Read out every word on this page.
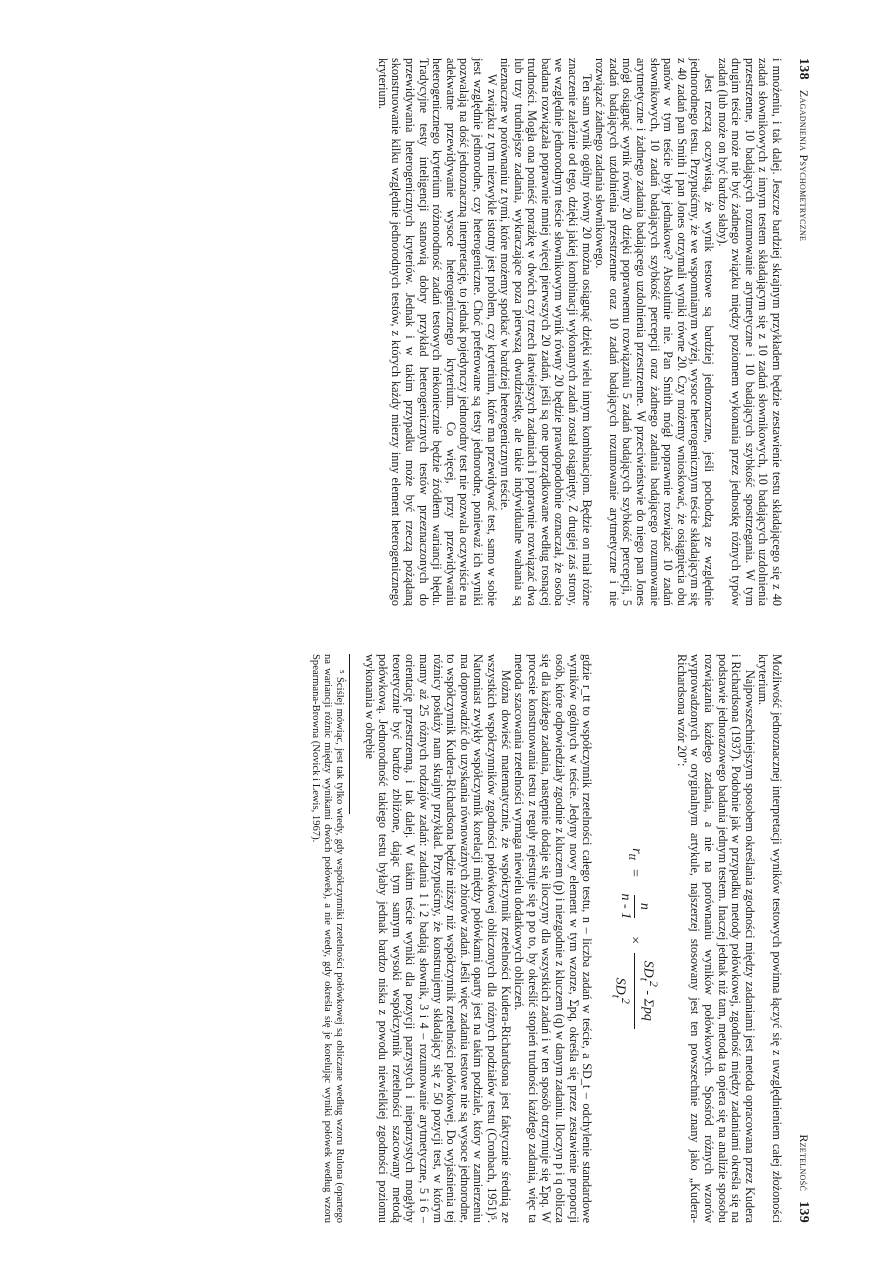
138
Zagadnienia Psychometryczne

i mnożeniu, i tak dalej. Jeszcze bardziej skrajnym przykładem będzie zestawienie testu składającego się z 40 zadań słownikowych z innym testem składającym się z 10 zadań słownikowych, 10 badających uzdolnienia przestrzenne, 10 badających rozumowanie arytmetyczne i 10 badających szybkość spostrzegania. W tym drugim teście może nie być żadnego związku między poziomem wykonania przez jednostkę różnych typów zadań (lub może on być bardzo słaby).

Jest rzeczą oczywistą, że wynik testowe są bardziej jednoznaczne, jeśli pochodzą ze względnie jednorodnego testu. Przypuśćmy, że we wspomnianym wyżej, wysoce heterogenicznym teście składającym się z 40 zadań pan Smith i pan Jones otrzymali wyniki równe 20. Czy możemy wnioskować, że osiągnięcia obu panów w tym teście były jednakowe? Absolutnie nie. Pan Smith mógł poprawnie rozwiązać 10 zadań słownikowych, 10 zadań badających szybkość percepcji oraz żadnego zadania badającego rozumowanie arytmetyczne i żadnego zadania badającego uzdolnienia przestrzenne. W przeciwieństwie do niego pan Jones mógł osiągnąć wynik równy 20 dzięki poprawnemu rozwiązaniu 5 zadań badających szybkość percepcji, 5 zadań badających uzdolnienia przestrzenne oraz 10 zadań badających rozumowanie arytmetyczne i nie rozwiązać żadnego zadania słownikowego.

Ten sam wynik ogólny równy 20 można osiągnąć dzięki wielu innym kombinacjom. Będzie on miał różne znaczenie zależnie od tego, dzięki jakiej kombinacji wykonanych zadań został osiągnięty. Z drugiej zaś strony, we względnie jednorodnym teście słownikowym wynik równy 20 będzie prawdopodobnie oznaczał, że osoba badana rozwiązała poprawnie mniej więcej pierwszych 20 zadań, jeśli są one uporządkowane według rosnącej trudności. Mogła ona ponieść porażkę w dwóch czy trzech łatwiejszych zadaniach i poprawnie rozwiązać dwa lub trzy trudniejsze zadania, wykraczające poza pierwszą dwudziestkę, ale takie indywidualne wahania są nieznaczne w porównaniu z tymi, które możemy spotkać w bardziej heterogenicznym teście.

W związku z tym niezwykle istotny jest problem, czy kryterium, które ma przewidywać test, samo w sobie jest względnie jednorodne, czy heterogeniczne. Choć preferowane są testy jednorodne, ponieważ ich wyniki pozwalają na dość jednoznaczną interpretację, to jednak pojedynczy jednorodny test nie pozwala oczywiście na adekwatne przewidywanie wysoce heterogenicznego kryterium. Co więcej, przy przewidywaniu heterogenicznego kryterium różnorodność zadań testowych niekoniecznie będzie źródłem wariancji błędu. Tradycyjne testy inteligencji stanowią dobry przykład heterogenicznych testów przeznaczonych do przewidywania heterogenicznych kryteriów. Jednak i w takim przypadku może być rzeczą pożądaną skonstruowanie kilku względnie jednorodnych testów, z których każdy mierzy inny element heterogenicznego kryterium.

Rzetelność
139

Możliwość jednoznacznej interpretacji wyników testowych powinna łączyć się z uwzględnieniem całej złożoności kryterium.

Najpowszechniejszym sposobem określania zgodności między zadaniami jest metoda opracowana przez Kudera i Richardsona (1937). Podobnie jak w przypadku metody połówkowej, zgodność między zadaniami określa się na podstawie jednorazowego badania jednym testem. Inaczej jednak niż tam, metoda ta opiera się na analizie sposobu rozwiązania każdego zadania, a nie na porównaniu wyników połówkowych. Spośród różnych wzorów wyprowadzonych w oryginalnym artykule, najszerzej stosowany jest ten powszechnie znany jako „Kudera-Richardsona wzór 20”:

$r_{tt}$
=
n
n - 1
×
$SD_t^2$ - Σpq
$SD_t^2$

gdzie r_tt to współczynnik rzetelności całego testu, n – liczba zadań w teście, a SD_t – odchylenie standardowe wyników ogólnych w teście. Jedyny nowy element w tym wzorze, Σpq, określa się przez zestawienie proporcji osób, które odpowiedziały zgodnie z kluczem (p) i niezgodnie z kluczem (q) w danym zadaniu. Iloczyn p i q oblicza się dla każdego zadania, następnie dodaje się iloczyny dla wszystkich zadań i w ten sposób otrzymuje się Σpq. W procesie konstruowania testu z reguły rejestruje się p po to, by określić stopień trudności każdego zadania, więc ta metoda szacowania rzetelności wymaga niewielu dodatkowych obliczeń.

Można dowieść matematycznie, że współczynnik rzetelności Kudera-Richardsona jest faktycznie średnią ze wszystkich współczynników zgodności połówkowej obliczonych dla różnych podziałów testu (Cronbach, 1951)⁵. Natomiast zwykły współczynnik korelacji między połówkami oparty jest na takim podziale, który w zamierzeniu ma doprowadzić do uzyskania równoważnych zbiorów zadań. Jeśli więc zadania testowe nie są wysoce jednorodne, to współczynnik Kudera-Richardsona będzie niższy niż współczynnik rzetelności połówkowej. Do wyjaśnienia tej różnicy posłuży nam skrajny przykład. Przypuśćmy, że konstruujemy składający się z 50 pozycji test, w którym mamy aż 25 różnych rodzajów zadań: zadania 1 i 2 badają słownik, 3 i 4 – rozumowanie arytmetyczne, 5 i 6 – orientację przestrzenną, i tak dalej. W takim teście wyniki dla pozycji parzystych i nieparzystych mogłyby teoretycznie być bardzo zbliżone, dając tym samym wysoki współczynnik rzetelności szacowany metodą połówkową. Jednorodność takiego testu byłaby jednak bardzo niska z powodu niewielkiej zgodności poziomu wykonania w obrębie

⁵ Ściślej mówiąc, jest tak tylko wtedy, gdy współczynniki rzetelności połówkowej są obliczane według wzoru Rulona (opartego na wariancji różnic między wynikami dwóch połówek), a nie wtedy, gdy określa się je korelując wyniki połówek według wzoru Spearmana-Browna (Novick i Lewis, 1967).
